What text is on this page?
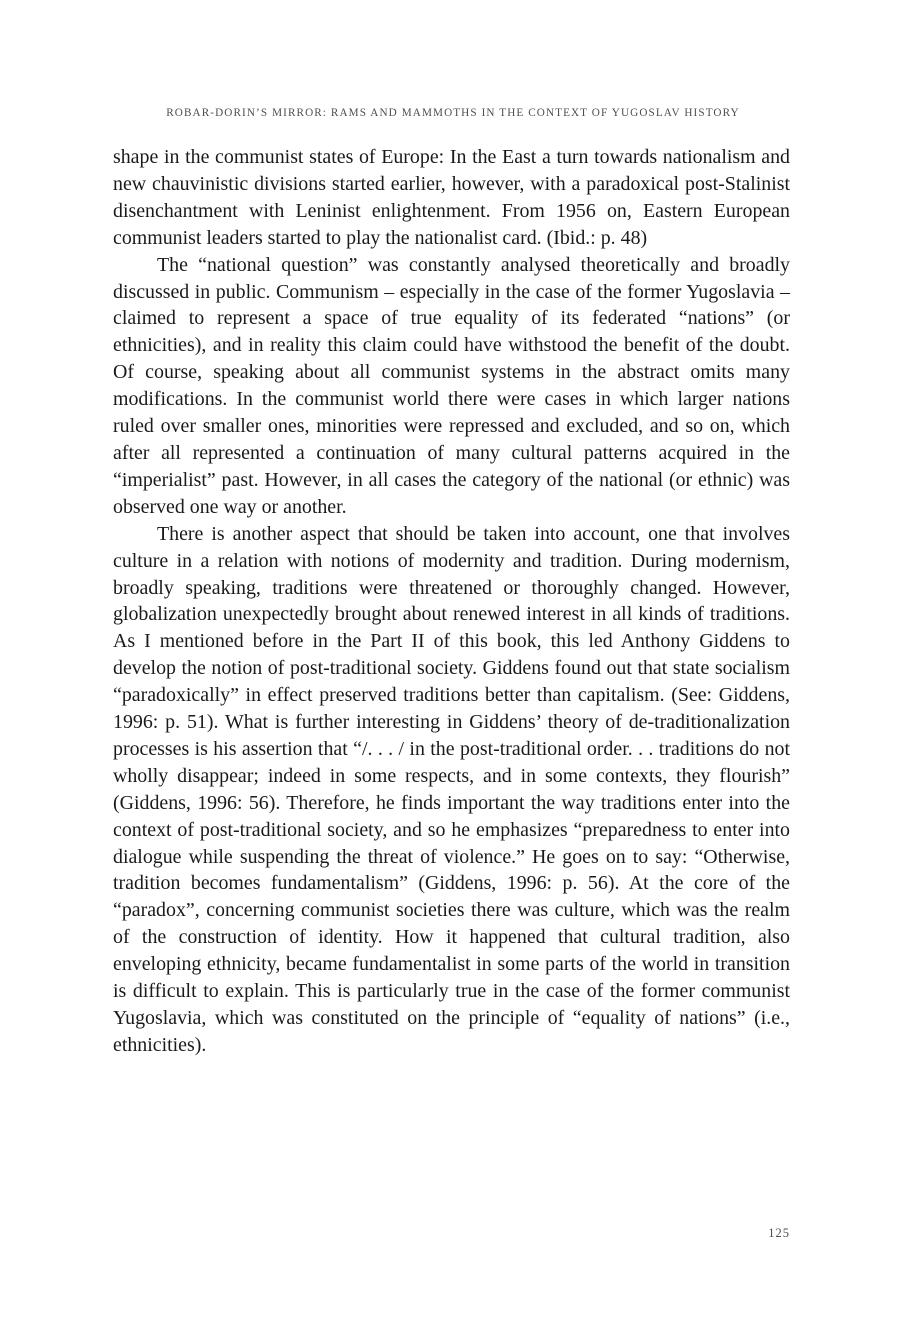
ROBAR-DORIN’S MIRROR: RAMS AND MAMMOTHS IN THE CONTEXT OF YUGOSLAV HISTORY

shape in the communist states of Europe: In the East a turn towards nationalism and new chauvinistic divisions started earlier, however, with a paradoxical post-Stalinist disenchantment with Leninist enlightenment. From 1956 on, Eastern European communist leaders started to play the nationalist card. (Ibid.: p. 48)

The “national question” was constantly analysed theoretically and broadly discussed in public. Communism – especially in the case of the former Yugoslavia – claimed to represent a space of true equality of its federated “nations” (or ethnicities), and in reality this claim could have withstood the benefit of the doubt. Of course, speaking about all communist systems in the abstract omits many modifications. In the communist world there were cases in which larger nations ruled over smaller ones, minorities were repressed and excluded, and so on, which after all represented a continuation of many cultural patterns acquired in the “imperialist” past. However, in all cases the category of the national (or ethnic) was observed one way or another.

There is another aspect that should be taken into account, one that involves culture in a relation with notions of modernity and tradition. During modernism, broadly speaking, traditions were threatened or thoroughly changed. However, globalization unexpectedly brought about renewed interest in all kinds of traditions. As I mentioned before in the Part II of this book, this led Anthony Giddens to develop the notion of post-traditional society. Giddens found out that state socialism “paradoxically” in effect preserved traditions better than capitalism. (See: Giddens, 1996: p. 51). What is further interesting in Giddens’ theory of de-traditionalization processes is his assertion that “/. . . / in the post-traditional order. . . traditions do not wholly disappear; indeed in some respects, and in some contexts, they flourish” (Giddens, 1996: 56). Therefore, he finds important the way traditions enter into the context of post-traditional society, and so he emphasizes “preparedness to enter into dialogue while suspending the threat of violence.” He goes on to say: “Otherwise, tradition becomes fundamentalism” (Giddens, 1996: p. 56). At the core of the “paradox”, concerning communist societies there was culture, which was the realm of the construction of identity. How it happened that cultural tradition, also enveloping ethnicity, became fundamentalist in some parts of the world in transition is difficult to explain. This is particularly true in the case of the former communist Yugoslavia, which was constituted on the principle of “equality of nations” (i.e., ethnicities).

125
